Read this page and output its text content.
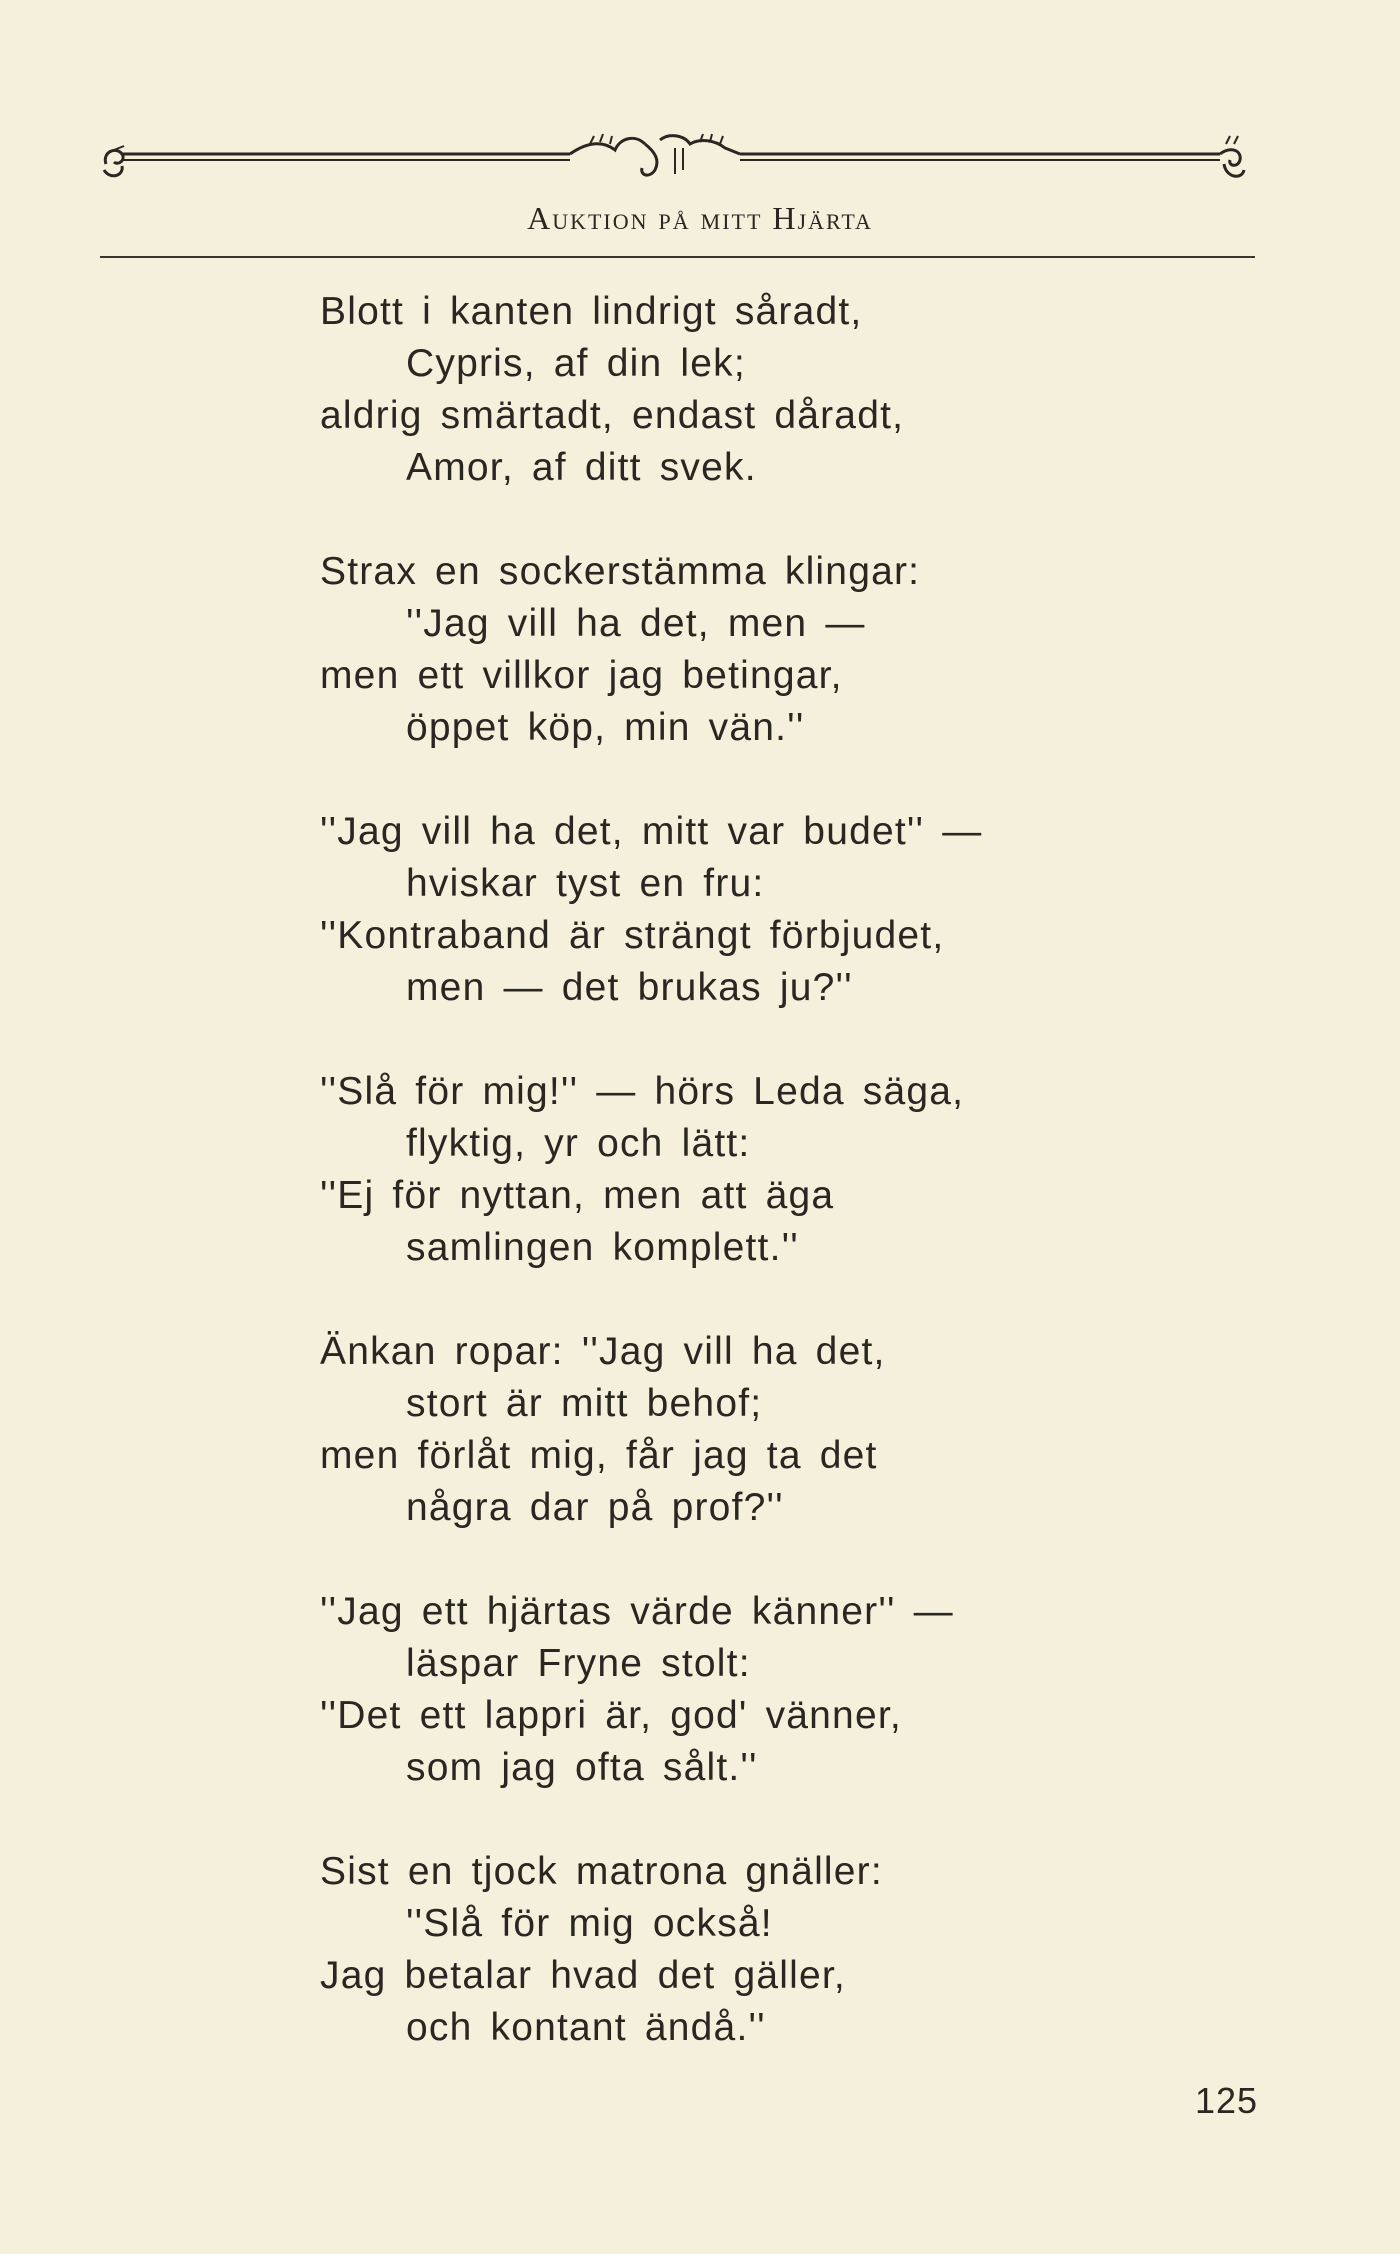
Auktion på mitt Hjärta
Blott i kanten lindrigt såradt,
Cypris, af din lek;
aldrig smärtadt, endast dåradt,
Amor, af ditt svek.
Strax en sockerstämma klingar:
''Jag vill ha det, men —
men ett villkor jag betingar,
öppet köp, min vän.''
''Jag vill ha det, mitt var budet'' —
hviskar tyst en fru:
''Kontraband är strängt förbjudet,
men — det brukas ju?''
''Slå för mig!'' — hörs Leda säga,
flyktig, yr och lätt:
''Ej för nyttan, men att äga
samlingen komplett.''
Änkan ropar: ''Jag vill ha det,
stort är mitt behof;
men förlåt mig, får jag ta det
några dar på prof?''
''Jag ett hjärtas värde känner'' —
läspar Fryne stolt:
''Det ett lappri är, god' vänner,
som jag ofta sålt.''
Sist en tjock matrona gnäller:
''Slå för mig också!
Jag betalar hvad det gäller,
och kontant ändå.''
125
